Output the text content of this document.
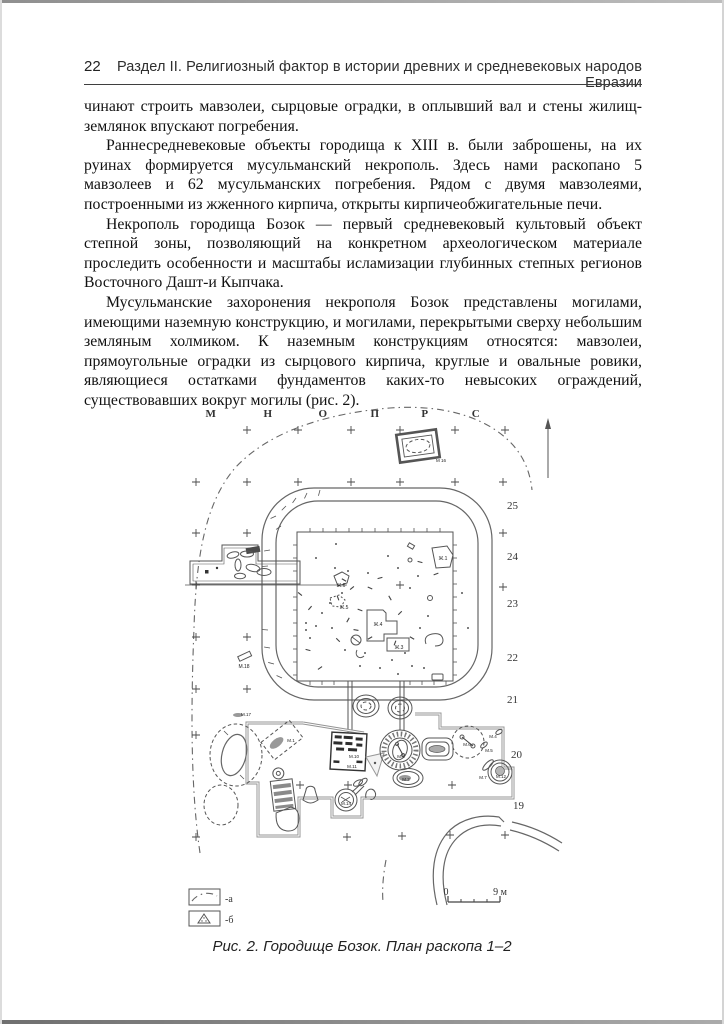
22	Раздел II. Религиозный фактор в истории древних и средневековых народов Евразии

чинают строить мавзолеи, сырцовые оградки, в оплывший вал и стены жилищ-землянок впускают погребения.

Раннесредневековые объекты городища к XIII в. были заброшены, на их руинах формируется мусульманский некрополь. Здесь нами раскопано 5 мавзолеев и 62 мусульманских погребения. Рядом с двумя мавзолеями, построенными из жженного кирпича, открыты кирпичеобжигательные печи.

Некрополь городища Бозок — первый средневековый культовый объект степной зоны, позволяющий на конкретном археологическом материале проследить особенности и масштабы исламизации глубинных степных регионов Восточного Дашт-и Кыпчака.

Мусульманские захоронения некрополя Бозок представлены могилами, имеющими наземную конструкцию, и могилами, перекрытыми сверху небольшим земляным холмиком. К наземным конструкциям относятся: мавзолеи, прямоугольные оградки из сырцового кирпича, круглые и овальные ровики, являющиеся остатками фундаментов каких-то невысоких ограждений, существовавших вокруг могилы (рис. 2).

М	Н	О	П	Р	С
25
24
23
22
21
20
19
М 16
Ж.1
Ж.6
Ж.5
Ж.4
Ж.3
М.18
М.17
М.1
М.10
М.11
М.8
М.2
М.6
М.4
М.5
М.7 М.12
М.14
-а
-б
0	9 м
Рис. 2. Городище Бозок. План раскопа 1–2
